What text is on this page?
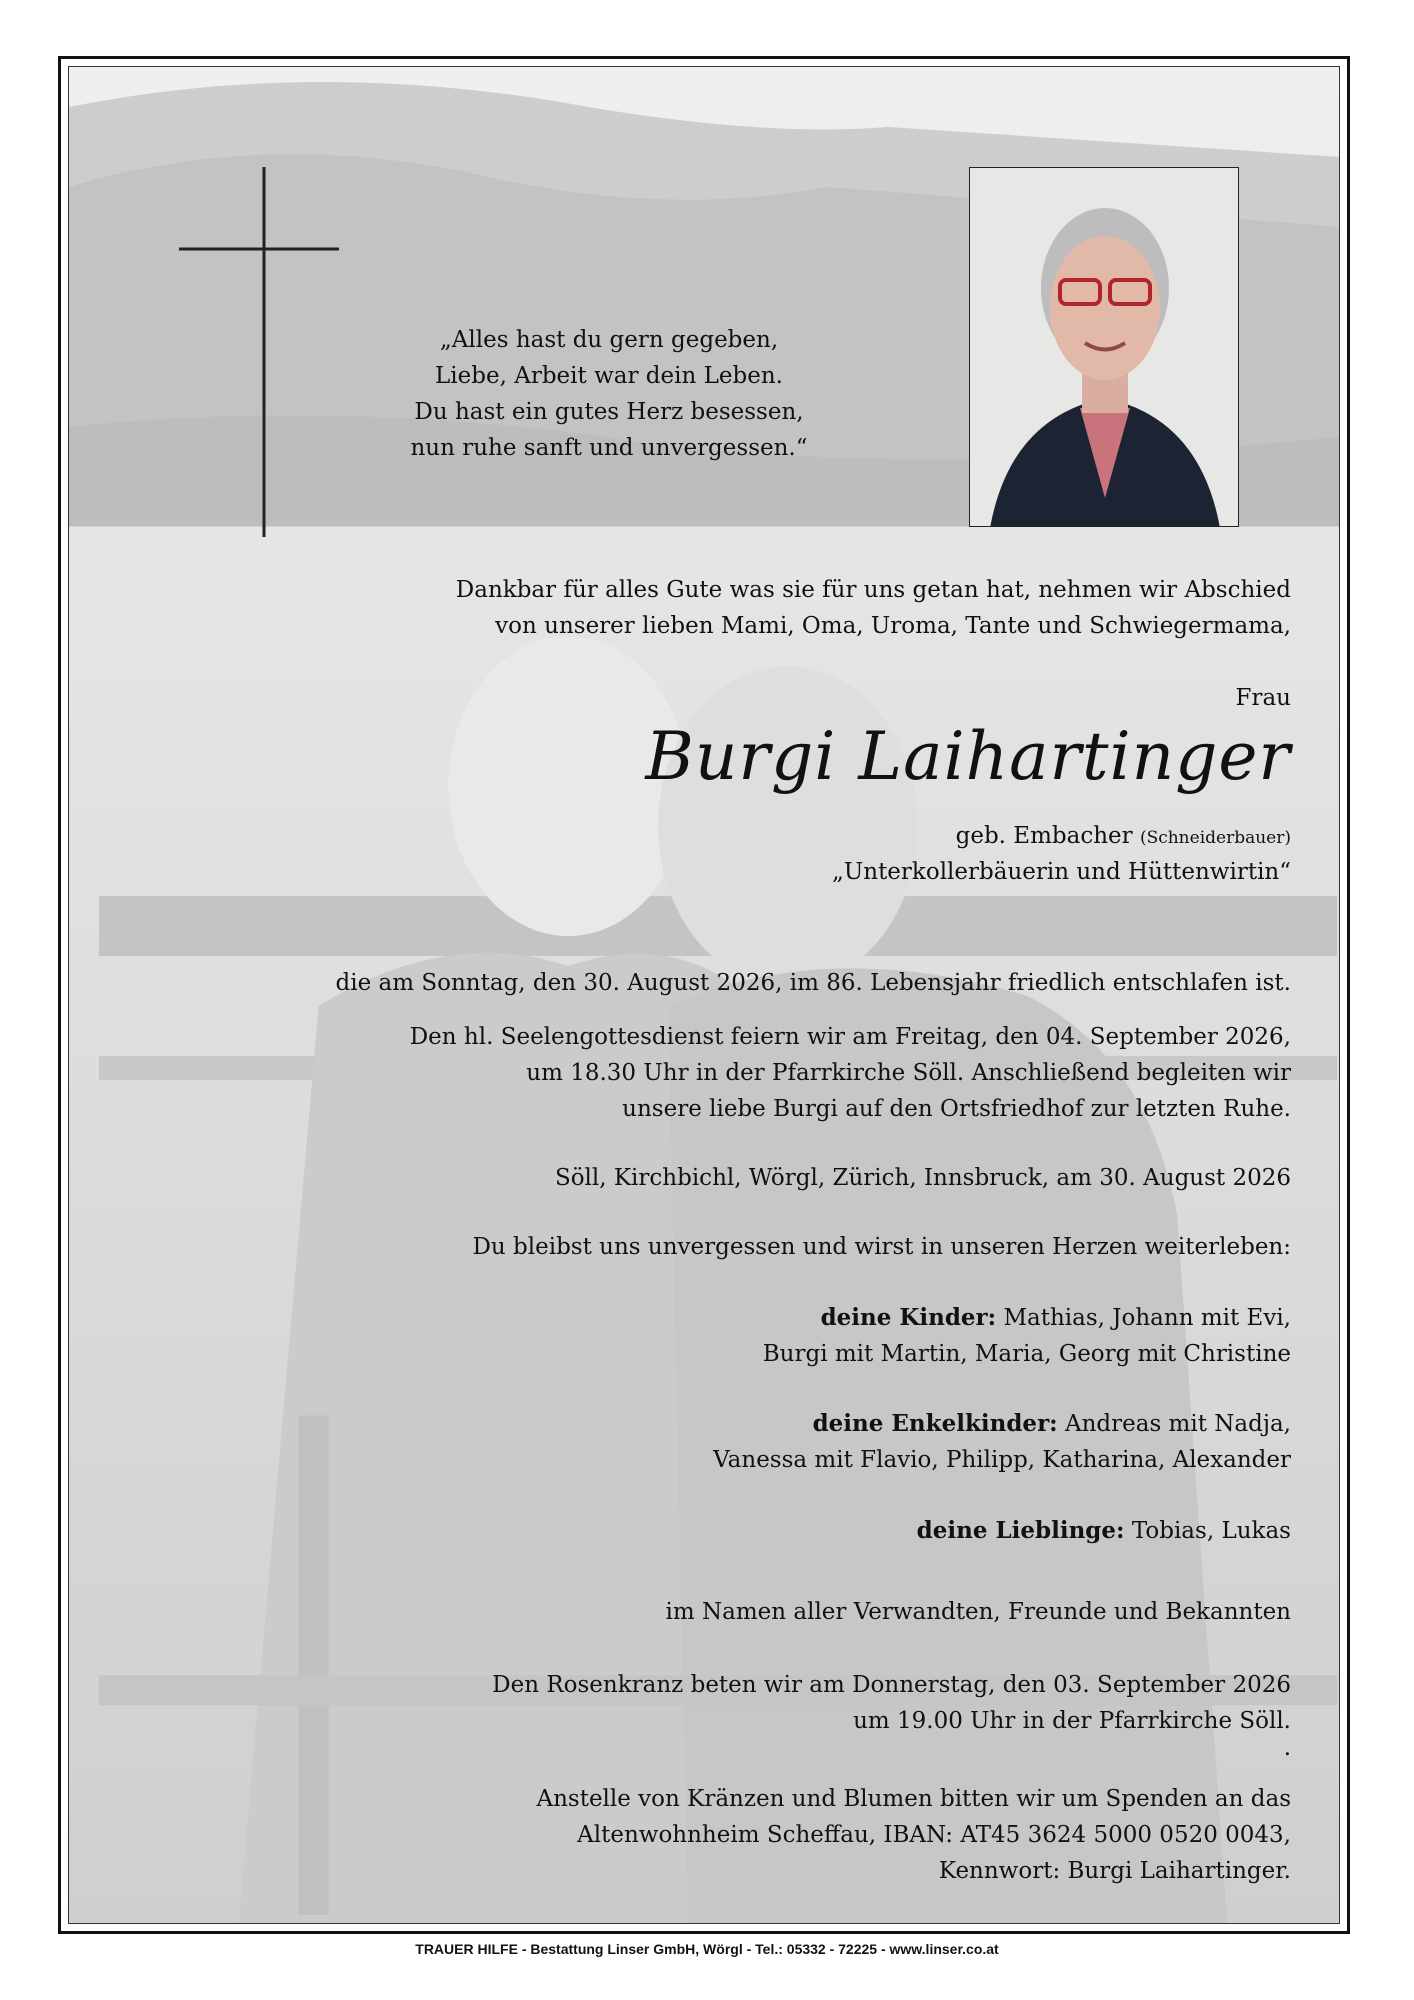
„Alles hast du gern gegeben,
Liebe, Arbeit war dein Leben.
Du hast ein gutes Herz besessen,
nun ruhe sanft und unvergessen.“
Dankbar für alles Gute was sie für uns getan hat, nehmen wir Abschied
von unserer lieben Mami, Oma, Uroma, Tante und Schwiegermama,
Frau
Burgi Laihartinger
geb. Embacher (Schneiderbauer)
„Unterkollerbäuerin und Hüttenwirtin“
die am Sonntag, den 30. August 2026, im 86. Lebensjahr friedlich entschlafen ist.
Den hl. Seelengottesdienst feiern wir am Freitag, den 04. September 2026,
um 18.30 Uhr in der Pfarrkirche Söll. Anschließend begleiten wir
unsere liebe Burgi auf den Ortsfriedhof zur letzten Ruhe.
Söll, Kirchbichl, Wörgl, Zürich, Innsbruck, am 30. August 2026
Du bleibst uns unvergessen und wirst in unseren Herzen weiterleben:
deine Kinder: Mathias, Johann mit Evi,
Burgi mit Martin, Maria, Georg mit Christine
deine Enkelkinder: Andreas mit Nadja,
Vanessa mit Flavio, Philipp, Katharina, Alexander
deine Lieblinge: Tobias, Lukas
im Namen aller Verwandten, Freunde und Bekannten
Den Rosenkranz beten wir am Donnerstag, den 03. September 2026
um 19.00 Uhr in der Pfarrkirche Söll.
.
Anstelle von Kränzen und Blumen bitten wir um Spenden an das
Altenwohnheim Scheffau, IBAN: AT45 3624 5000 0520 0043,
Kennwort: Burgi Laihartinger.
TRAUER HILFE - Bestattung Linser GmbH, Wörgl - Tel.: 05332 - 72225 - www.linser.co.at
